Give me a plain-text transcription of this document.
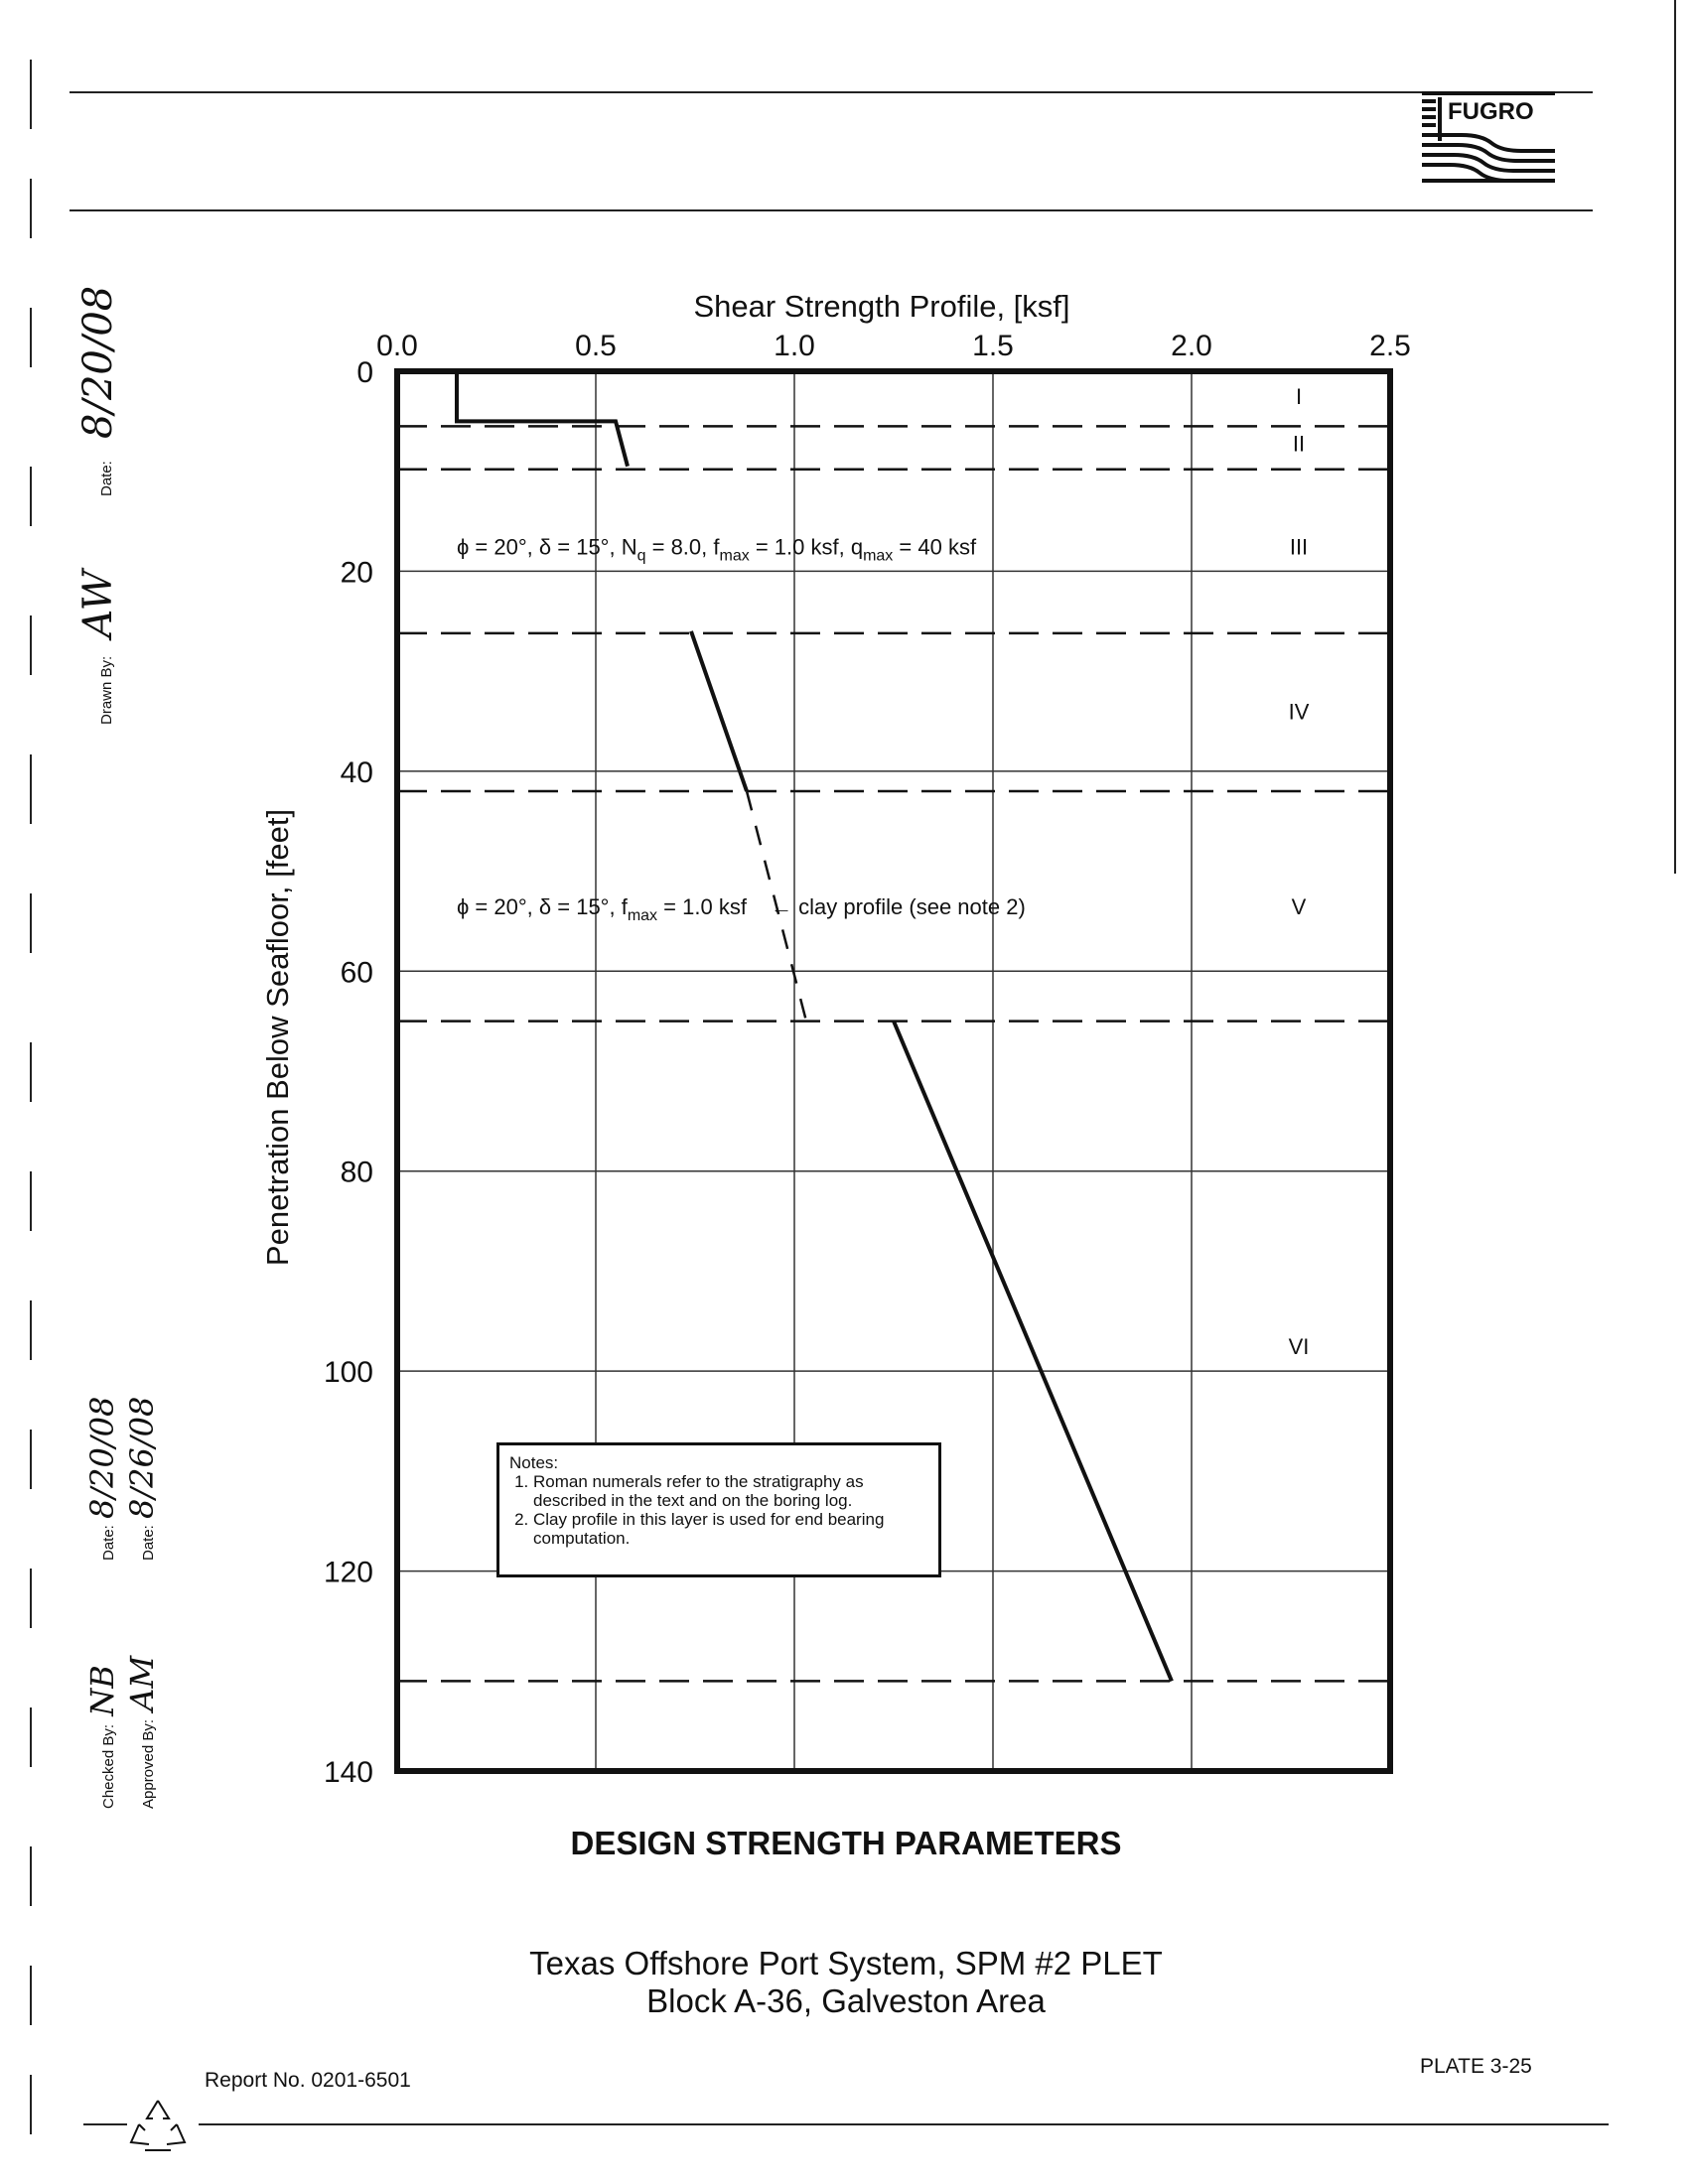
FUGRO
Date: 8/20/08
Drawn By: AW
Date: 8/20/08
Date: 8/26/08
Checked By: NB
Approved By: AM
Shear Strength Profile, [ksf]
Penetration Below Seafloor, [feet]
0.0	0.5	1.0	1.5	2.0	2.5
0
20
40
60
80
100
120
140
I
II
III
IV
V
VI
ϕ = 20°, δ = 15°, $N_q = 8.0$, $f_{max} = 1.0$ ksf, $q_{max} = 40$ ksf
ϕ = 20°, δ = 15°, $f_{max} = 1.0$ ksf ← clay profile (see note 2)
Notes:
1. Roman numerals refer to the stratigraphy as described in the text and on the boring log.
2. Clay profile in this layer is used for end bearing computation.
DESIGN STRENGTH PARAMETERS
Texas Offshore Port System, SPM #2 PLET
Block A-36, Galveston Area
Report No. 0201-6501
PLATE 3-25
